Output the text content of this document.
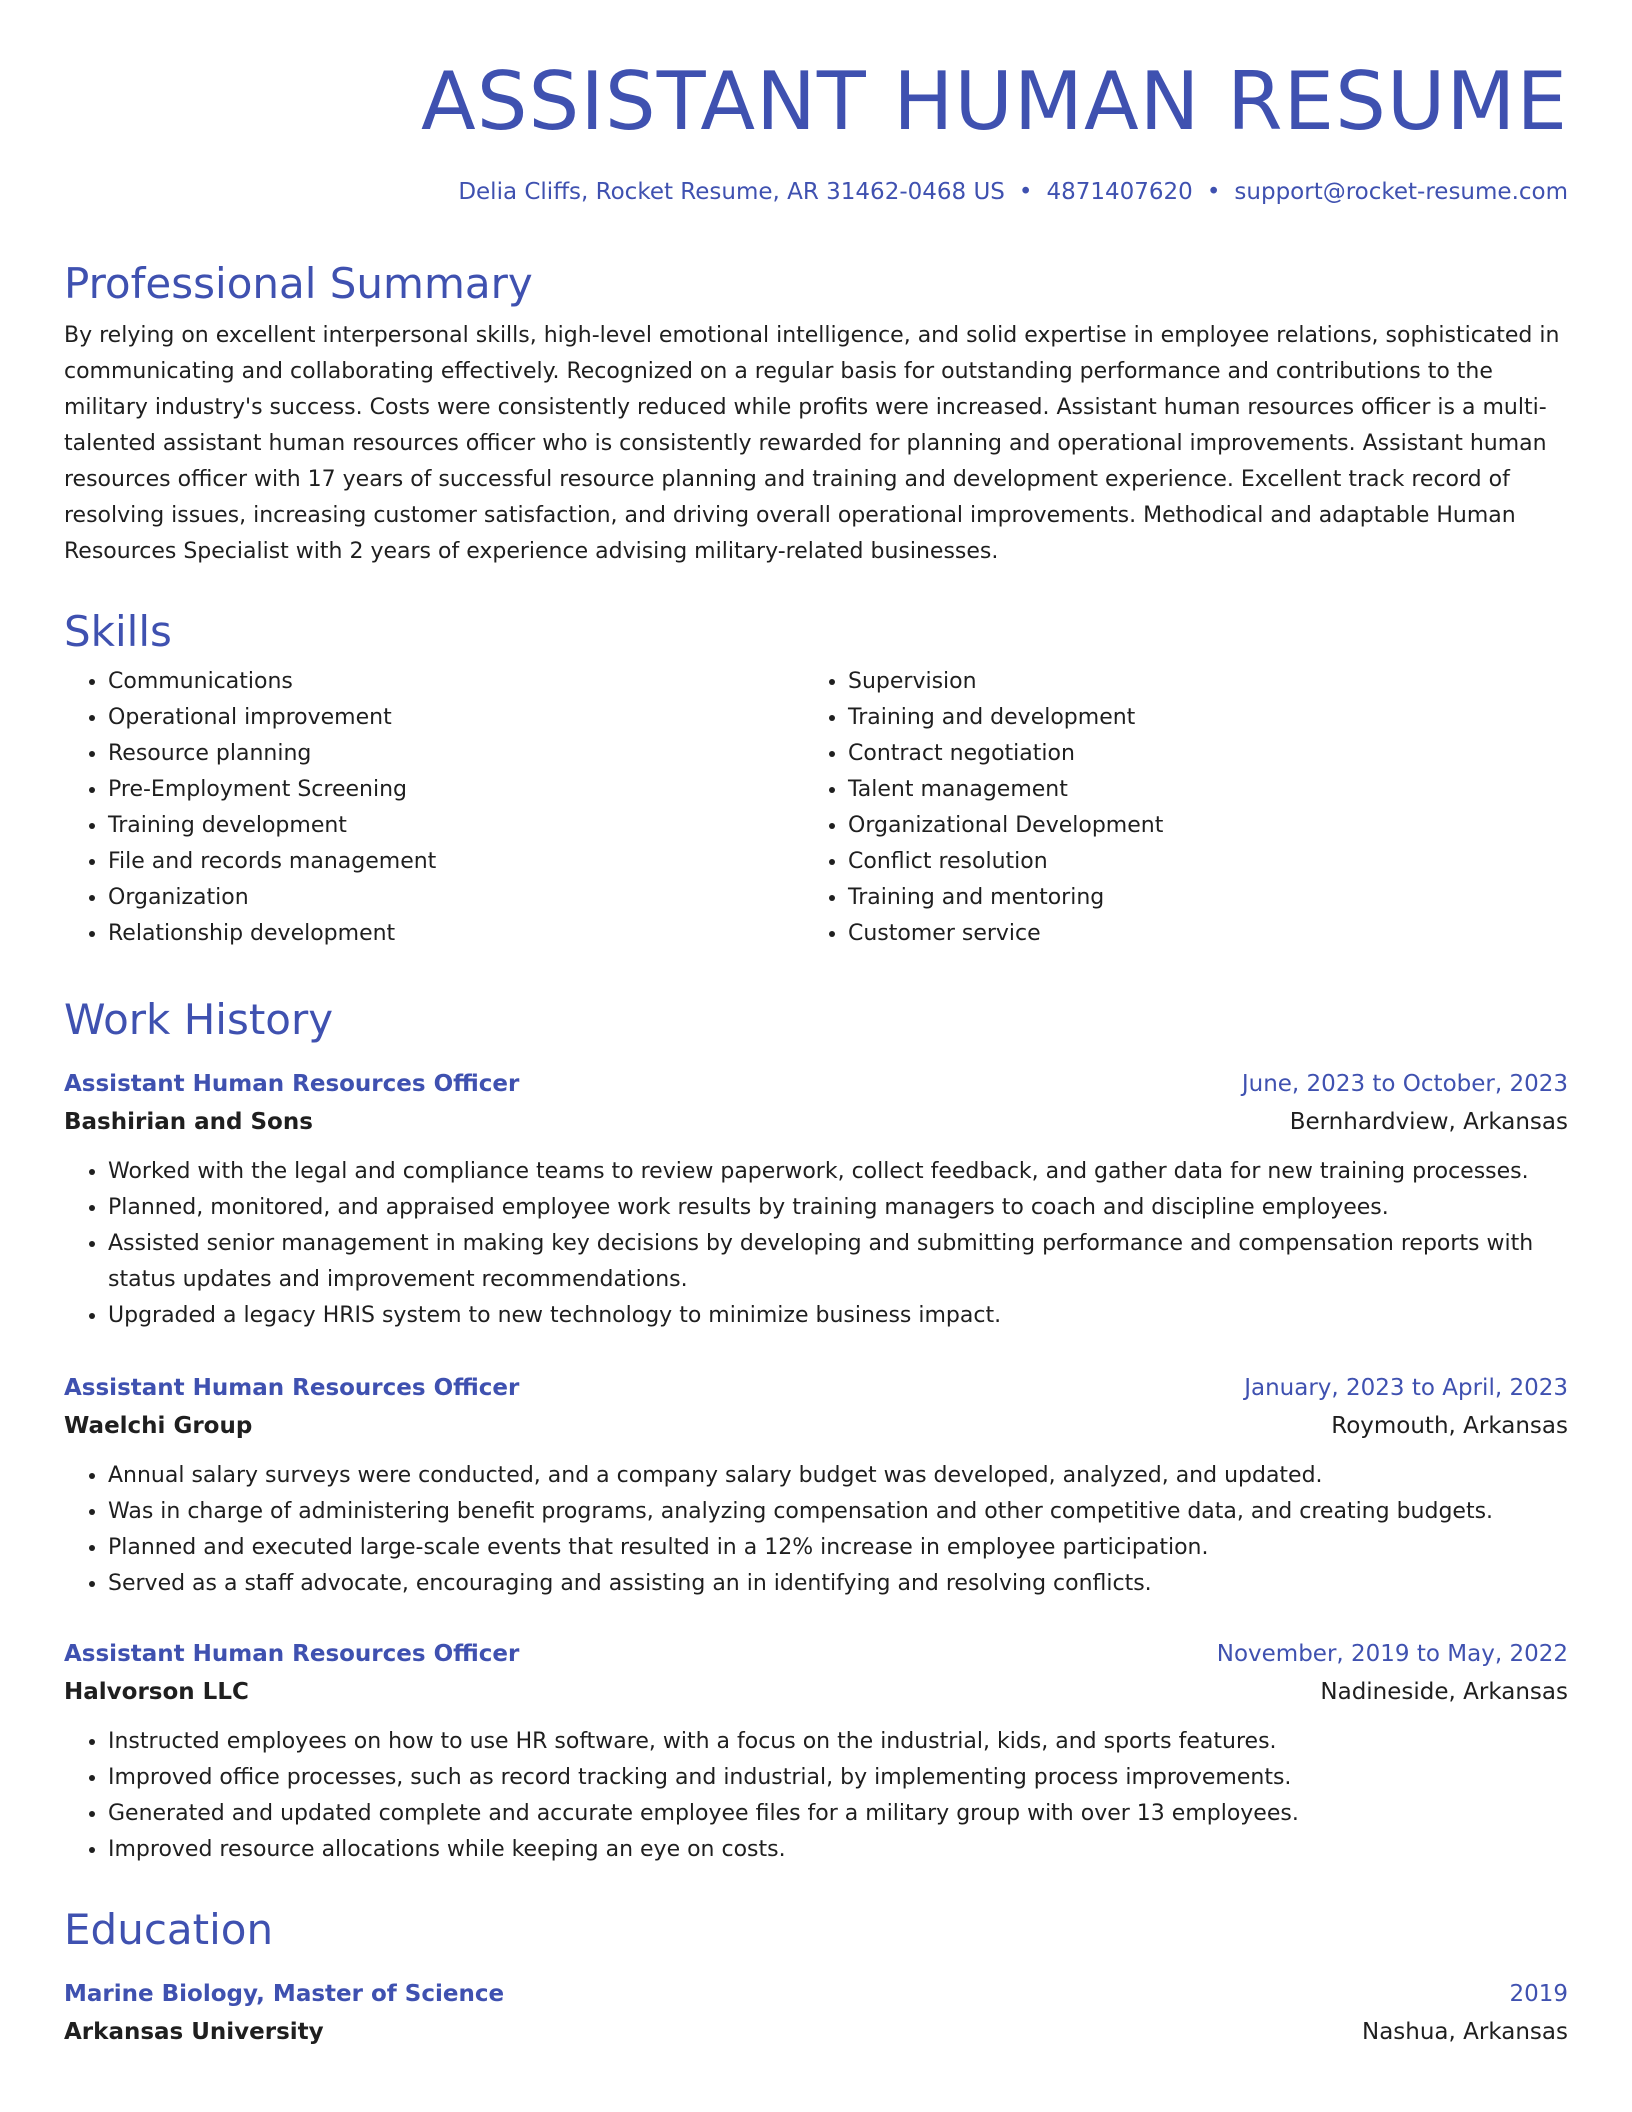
ASSISTANT HUMAN RESUME
Delia Cliffs, Rocket Resume, AR 31462-0468 US • 4871407620 • support@rocket-resume.com
Professional Summary

By relying on excellent interpersonal skills, high-level emotional intelligence, and solid expertise in employee relations, sophisticated in communicating and collaborating effectively. Recognized on a regular basis for outstanding performance and contributions to the military industry's success. Costs were consistently reduced while profits were increased. Assistant human resources officer is a multi-talented assistant human resources officer who is consistently rewarded for planning and operational improvements. Assistant human resources officer with 17 years of successful resource planning and training and development experience. Excellent track record of resolving issues, increasing customer satisfaction, and driving overall operational improvements. Methodical and adaptable Human Resources Specialist with 2 years of experience advising military-related businesses.

Skills
• Communications
• Operational improvement
• Resource planning
• Pre-Employment Screening
• Training development
• File and records management
• Organization
• Relationship development
• Supervision
• Training and development
• Contract negotiation
• Talent management
• Organizational Development
• Conflict resolution
• Training and mentoring
• Customer service
Work History
Assistant Human Resources Officer	June, 2023 to October, 2023
Bashirian and Sons	Bernhardview, Arkansas
• Worked with the legal and compliance teams to review paperwork, collect feedback, and gather data for new training processes.
• Planned, monitored, and appraised employee work results by training managers to coach and discipline employees.
• Assisted senior management in making key decisions by developing and submitting performance and compensation reports with status updates and improvement recommendations.
• Upgraded a legacy HRIS system to new technology to minimize business impact.
Assistant Human Resources Officer	January, 2023 to April, 2023
Waelchi Group	Roymouth, Arkansas
• Annual salary surveys were conducted, and a company salary budget was developed, analyzed, and updated.
• Was in charge of administering benefit programs, analyzing compensation and other competitive data, and creating budgets.
• Planned and executed large-scale events that resulted in a 12% increase in employee participation.
• Served as a staff advocate, encouraging and assisting an in identifying and resolving conflicts.
Assistant Human Resources Officer	November, 2019 to May, 2022
Halvorson LLC	Nadineside, Arkansas
• Instructed employees on how to use HR software, with a focus on the industrial, kids, and sports features.
• Improved office processes, such as record tracking and industrial, by implementing process improvements.
• Generated and updated complete and accurate employee files for a military group with over 13 employees.
• Improved resource allocations while keeping an eye on costs.
Education
Marine Biology, Master of Science	2019
Arkansas University	Nashua, Arkansas
